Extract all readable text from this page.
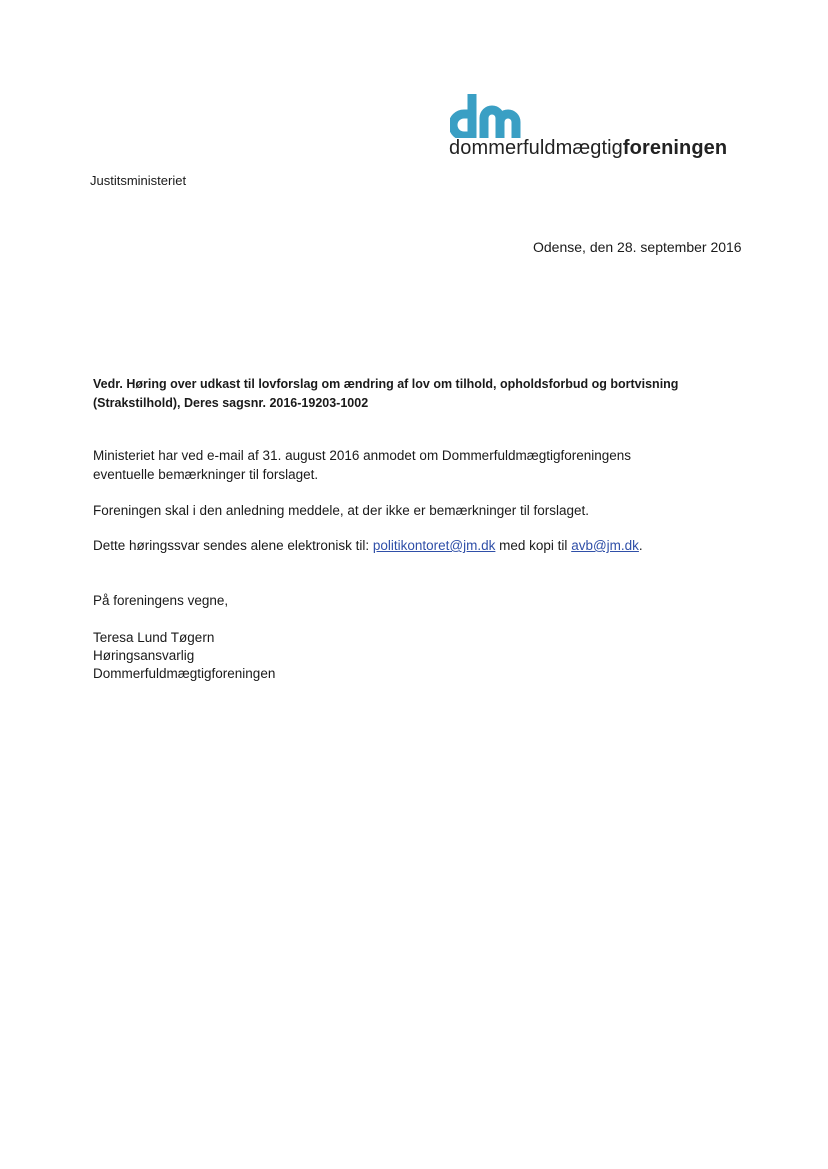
dommerfuldmægtigforeningen

Justitsministeriet

Odense, den 28. september 2016

Vedr. Høring over udkast til lovforslag om ændring af lov om tilhold, opholdsforbud og bortvisning
(Strakstilhold), Deres sagsnr. 2016-19203-1002
Ministeriet har ved e-mail af 31. august 2016 anmodet om Dommerfuldmægtigforeningens
eventuelle bemærkninger til forslaget.

Foreningen skal i den anledning meddele, at der ikke er bemærkninger til forslaget.

Dette høringssvar sendes alene elektronisk til: politikontoret@jm.dk med kopi til avb@jm.dk.

På foreningens vegne,

Teresa Lund Tøgern
Høringsansvarlig
Dommerfuldmægtigforeningen
